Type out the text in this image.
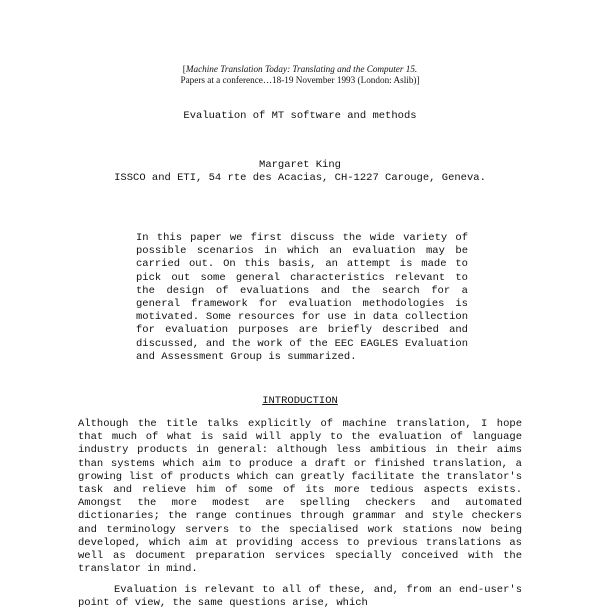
[Machine Translation Today: Translating and the Computer 15.
Papers at a conference…18-19 November 1993 (London: Aslib)]
Evaluation of MT software and methods
Margaret King
ISSCO and ETI, 54 rte des Acacias, CH-1227 Carouge, Geneva.
In this paper we first discuss the wide variety of possible scenarios in which an evaluation may be carried out. On this basis, an attempt is made to pick out some general characteristics relevant to the design of evaluations and the search for a general framework for evaluation methodologies is motivated. Some resources for use in data collection for evaluation purposes are briefly described and discussed, and the work of the EEC EAGLES Evaluation and Assessment Group is summarized.
INTRODUCTION
Although the title talks explicitly of machine translation, I hope that much of what is said will apply to the evaluation of language industry products in general: although less ambitious in their aims than systems which aim to produce a draft or finished translation, a growing list of products which can greatly facilitate the translator's task and relieve him of some of its more tedious aspects exists. Amongst the more modest are spelling checkers and automated dictionaries; the range continues through grammar and style checkers and terminology servers to the specialised work stations now being developed, which aim at providing access to previous translations as well as document preparation services specially conceived with the translator in mind.
Evaluation is relevant to all of these, and, from an end-user's point of view, the same questions arise, which
